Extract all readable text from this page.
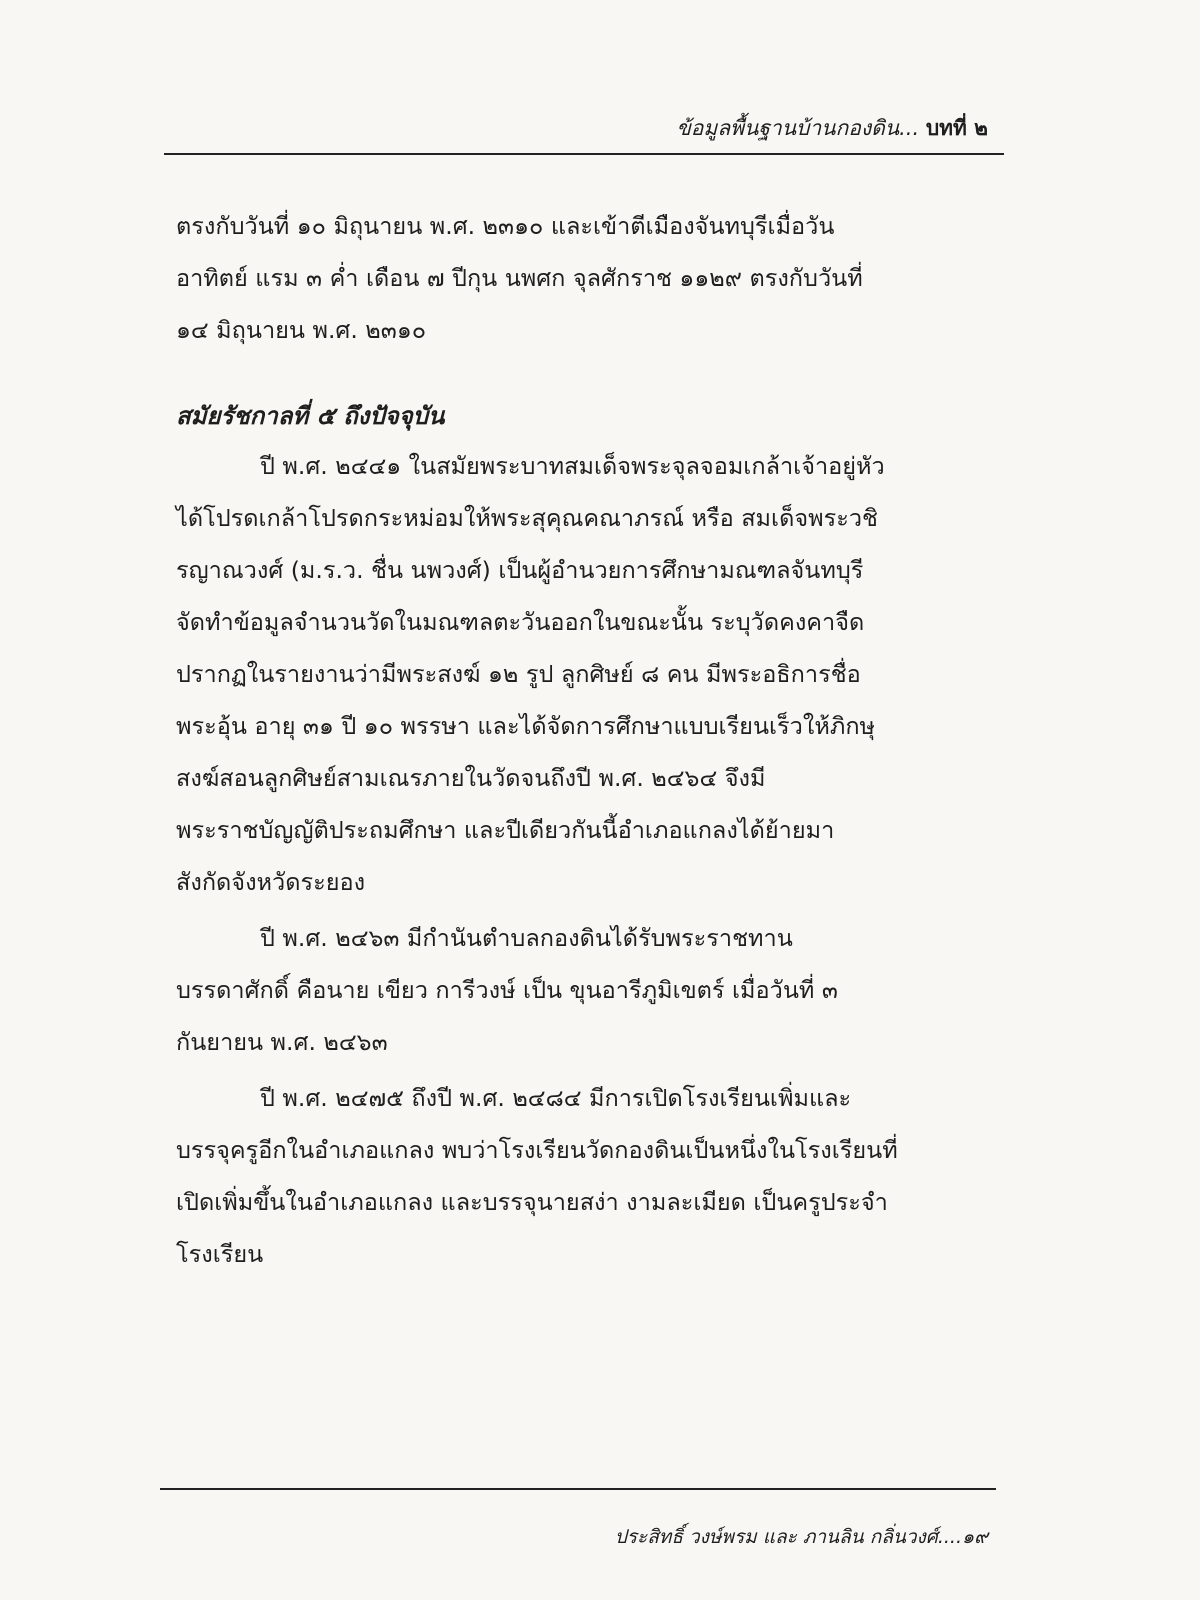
ข้อมูลพื้นฐานบ้านกองดิน... บทที่ ๒
ตรงกับวันที่ ๑๐ มิถุนายน พ.ศ. ๒๓๑๐ และเข้าตีเมืองจันทบุรีเมื่อวัน
อาทิตย์ แรม ๓ ค่ำ เดือน ๗ ปีกุน นพศก จุลศักราช ๑๑๒๙ ตรงกับวันที่
๑๔ มิถุนายน พ.ศ. ๒๓๑๐
สมัยรัชกาลที่ ๕ ถึงปัจจุบัน
ปี พ.ศ. ๒๔๔๑ ในสมัยพระบาทสมเด็จพระจุลจอมเกล้าเจ้าอยู่หัว
ได้โปรดเกล้าโปรดกระหม่อมให้พระสุคุณคณาภรณ์ หรือ สมเด็จพระวชิ
รญาณวงศ์ (ม.ร.ว. ชื่น นพวงศ์) เป็นผู้อำนวยการศึกษามณฑลจันทบุรี
จัดทำข้อมูลจำนวนวัดในมณฑลตะวันออกในขณะนั้น ระบุวัดคงคาจืด
ปรากฏในรายงานว่ามีพระสงฆ์ ๑๒ รูป ลูกศิษย์ ๘ คน มีพระอธิการชื่อ
พระอุ้น อายุ ๓๑ ปี ๑๐ พรรษา และได้จัดการศึกษาแบบเรียนเร็วให้ภิกษุ
สงฆ์สอนลูกศิษย์สามเณรภายในวัดจนถึงปี พ.ศ. ๒๔๖๔ จึงมี
พระราชบัญญัติประถมศึกษา และปีเดียวกันนี้อำเภอแกลงได้ย้ายมา
สังกัดจังหวัดระยอง
ปี พ.ศ. ๒๔๖๓ มีกำนันตำบลกองดินได้รับพระราชทาน
บรรดาศักดิ์ คือนาย เขียว การีวงษ์ เป็น ขุนอารีภูมิเขตร์ เมื่อวันที่ ๓
กันยายน พ.ศ. ๒๔๖๓
ปี พ.ศ. ๒๔๗๕ ถึงปี พ.ศ. ๒๔๘๔ มีการเปิดโรงเรียนเพิ่มและ
บรรจุครูอีกในอำเภอแกลง พบว่าโรงเรียนวัดกองดินเป็นหนึ่งในโรงเรียนที่
เปิดเพิ่มขึ้นในอำเภอแกลง และบรรจุนายสง่า งามละเมียด เป็นครูประจำ
โรงเรียน
ประสิทธิ์ วงษ์พรม และ ภานลิน กลิ่นวงศ์....๑๙
